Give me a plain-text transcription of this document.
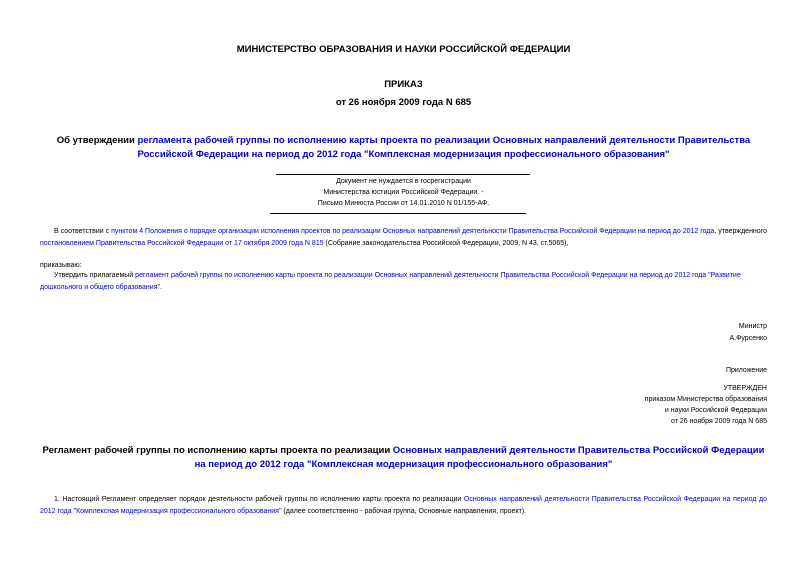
МИНИСТЕРСТВО ОБРАЗОВАНИЯ И НАУКИ РОССИЙСКОЙ ФЕДЕРАЦИИ
ПРИКАЗ
от 26 ноября 2009 года N 685
Об утверждении регламента рабочей группы по исполнению карты проекта по реализации Основных направлений деятельности Правительства Российской Федерации на период до 2012 года "Комплексная модернизация профессионального образования"
Документ не нуждается в госрегистрации
Министерства юстиции Российской Федерации. -
Письмо Минюста России от 14.01.2010 N 01/155-АФ.
В соответствии с пунктом 4 Положения о порядке организации исполнения проектов по реализации Основных направлений деятельности Правительства Российской Федерации на период до 2012 года, утвержденного постановлением Правительства Российской Федерации от 17 октября 2009 года N 815 (Собрание законодательства Российской Федерации, 2009, N 43, ст.5065),
приказываю:
Утвердить прилагаемый регламент рабочей группы по исполнению карты проекта по реализации Основных направлений деятельности Правительства Российской Федерации на период до 2012 года "Развитие дошкольного и общего образования".
Министр
А.Фурсенко
Приложение
УТВЕРЖДЕН
приказом Министерства образования
и науки Российской Федерации
от 26 ноября 2009 года N 685
Регламент рабочей группы по исполнению карты проекта по реализации Основных направлений деятельности Правительства Российской Федерации на период до 2012 года "Комплексная модернизация профессионального образования"
1. Настоящий Регламент определяет порядок деятельности рабочей группы по исполнению карты проекта по реализации Основных направлений деятельности Правительства Российской Федерации на период до 2012 года "Комплексная модернизация профессионального образования" (далее соответственно - рабочая группа, Основные направления, проект).
